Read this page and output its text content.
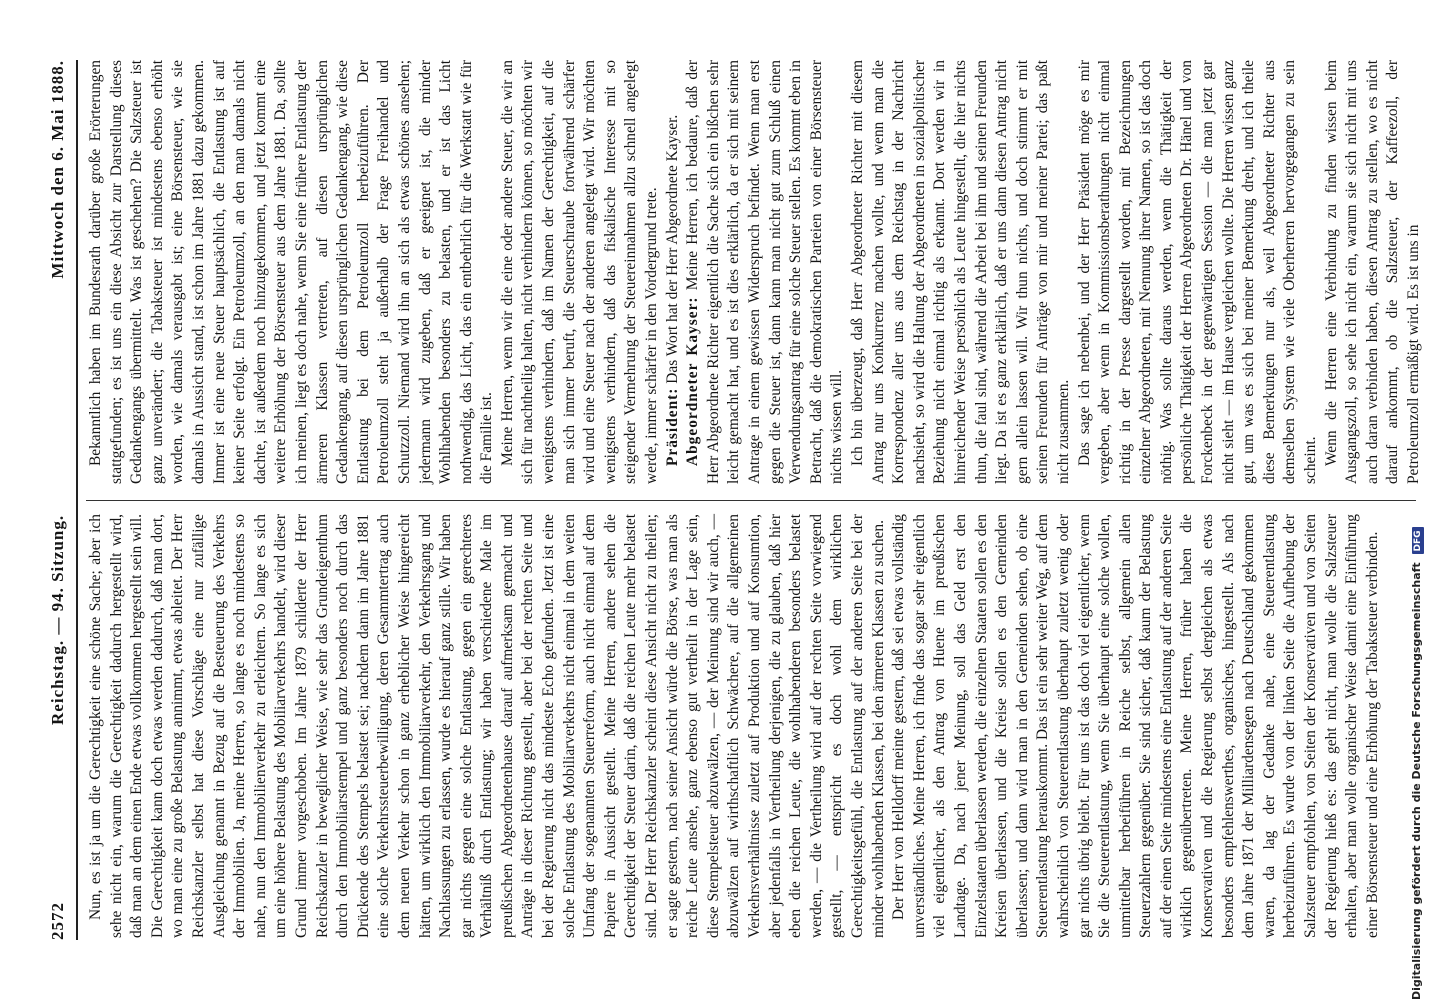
2572
Reichstag. — 94. Sitzung.
Mittwoch den 6. Mai 1888.

Nun, es ist ja um die Gerechtigkeit eine schöne Sache; aber ich sehe nicht ein, warum die Gerechtigkeit dadurch hergestellt wird, daß man an dem einen Ende etwas vollkommen hergestellt sein will. Die Gerechtigkeit kann doch etwas werden dadurch, daß man dort, wo man eine zu große Belastung annimmt, etwas ableitet. Der Herr Reichskanzler selbst hat diese Vorschläge eine nur zufällige Ausgleichung genannt in Bezug auf die Besteuerung des Verkehrs der Immobilien. Ja, meine Herren, so lange es noch mindestens so nahe, nun den Immobilienverkehr zu erleichtern. So lange es sich um eine höhere Belastung des Mobiliarverkehrs handelt, wird dieser Grund immer vorgeschoben. Im Jahre 1879 schilderte der Herr Reichskanzler in beweglicher Weise, wie sehr das Grundeigenthum durch den Immobiliarstempel und ganz besonders noch durch das Drückende des Stempels belastet sei; nachdem dann im Jahre 1881 eine solche Verkehrssteuerbewilligung, deren Gesammtertrag auch dem neuen Verkehr schon in ganz erheblicher Weise hingereicht hätten, um wirklich den Immobiliarverkehr, den Verkehrsgang und Nachlassungen zu erlassen, wurde es hierauf ganz stille. Wir haben gar nichts gegen eine solche Entlastung, gegen ein gerechteres Verhältniß durch Entlastung; wir haben verschiedene Male im preußischen Abgeordnetenhause darauf aufmerksam gemacht und Anträge in dieser Richtung gestellt, aber bei der rechten Seite und bei der Regierung nicht das mindeste Echo gefunden. Jetzt ist eine solche Entlastung des Mobiliarverkehrs nicht einmal in dem weiten Umfang der sogenannten Steuerreform, auch nicht einmal auf dem Papiere in Aussicht gestellt. Meine Herren, andere sehen die Gerechtigkeit der Steuer darin, daß die reichen Leute mehr belastet sind. Der Herr Reichskanzler scheint diese Ansicht nicht zu theilen; er sagte gestern, nach seiner Ansicht würde die Börse, was man als reiche Leute ansehe, ganz ebenso gut vertheilt in der Lage sein, diese Stempelsteuer abzuwälzen, — der Meinung sind wir auch, — abzuwälzen auf wirthschaftlich Schwächere, auf die allgemeinen Verkehrsverhältnisse zuletzt auf Produktion und auf Konsumtion, aber jedenfalls in Vertheilung derjenigen, die zu glauben, daß hier eben die reichen Leute, die wohlhabenderen besonders belastet werden, — die Vertheilung wird auf der rechten Seite vorwiegend gestellt, — entspricht es doch wohl dem wirklichen Gerechtigkeitsgefühl, die Entlastung auf der anderen Seite bei der minder wohlhabenden Klassen, bei den ärmeren Klassen zu suchen. Der Herr von Helldorff meinte gestern, daß sei etwas vollständig unverständliches. Meine Herren, ich finde das sogar sehr eigentlich viel eigentlicher, als den Antrag von Huene im preußischen Landtage. Da, nach jener Meinung, soll das Geld erst den Einzelstaaten überlassen werden, die einzelnen Staaten sollen es den Kreisen überlassen, und die Kreise sollen es den Gemeinden überlassen; und dann wird man in den Gemeinden sehen, ob eine Steuerentlastung herauskommt. Das ist ein sehr weiter Weg, auf dem wahrscheinlich von Steuerentlastung überhaupt zuletzt wenig oder gar nichts übrig bleibt. Für uns ist das doch viel eigentlicher, wenn Sie die Steuerentlastung, wenn Sie überhaupt eine solche wollen, unmittelbar herbeiführen in Reiche selbst, allgemein allen Steuerzahlern gegenüber. Sie sind sicher, daß kaum der Belastung auf der einen Seite mindestens eine Entlastung auf der anderen Seite wirklich gegenübertreten. Meine Herren, früher haben die Konservativen und die Regierung selbst dergleichen als etwas besonders empfehlenswerthes, organisches, hingestellt. Als nach dem Jahre 1871 der Milliardensegen nach Deutschland gekommen waren, da lag der Gedanke nahe, eine Steuerentlastung herbeizuführen. Es wurde von der linken Seite die Aufhebung der Salzsteuer empfohlen, von Seiten der Konservativen und von Seiten der Regierung hieß es: das geht nicht, man wolle die Salzsteuer erhalten, aber man wolle organischer Weise damit eine Einführung einer Börsensteuer und eine Erhöhung der Tabaksteuer verbinden.

Bekanntlich haben im Bundesrath darüber große Erörterungen stattgefunden; es ist uns ein diese Absicht zur Darstellung dieses Gedankengangs übermittelt. Was ist geschehen? Die Salzsteuer ist ganz unverändert; die Tabaksteuer ist mindestens ebenso erhöht worden, wie damals verausgabt ist; eine Börsensteuer, wie sie damals in Aussicht stand, ist schon im Jahre 1881 dazu gekommen. Immer ist eine neue Steuer hauptsächlich, die Entlastung ist auf keiner Seite erfolgt. Ein Petroleumzoll, an den man damals nicht dachte, ist außerdem noch hinzugekommen, und jetzt kommt eine weitere Erhöhung der Börsensteuer aus dem Jahre 1881. Da, sollte ich meinen, liegt es doch nahe, wenn Sie eine frühere Entlastung der ärmeren Klassen vertreten, auf diesen ursprünglichen Gedankengang, auf diesen ursprünglichen Gedankengang, wie diese Entlastung bei dem Petroleumzoll herbeizuführen. Der Petroleumzoll steht ja außerhalb der Frage Freihandel und Schutzzoll. Niemand wird ihn an sich als etwas schönes ansehen; jedermann wird zugeben, daß er geeignet ist, die minder Wohlhabenden besonders zu belasten, und er ist das Licht nothwendig, das Licht, das ein entbehrlich für die Werkstatt wie für die Familie ist. Meine Herren, wenn wir die eine oder andere Steuer, die wir an sich für nachtheilig halten, nicht verhindern können, so möchten wir wenigstens verhindern, daß im Namen der Gerechtigkeit, auf die man sich immer beruft, die Steuerschraube fortwährend schärfer wird und eine Steuer nach der anderen angelegt wird. Wir möchten wenigstens verhindern, daß das fiskalische Interesse mit so steigender Vermehrung der Steuereinnahmen allzu schnell angelegt werde, immer schärfer in den Vordergrund trete. Präsident: Das Wort hat der Herr Abgeordnete Kayser. Abgeordneter Kayser: Meine Herren, ich bedaure, daß der Herr Abgeordnete Richter eigentlich die Sache sich ein bißchen sehr leicht gemacht hat, und es ist dies erklärlich, da er sich mit seinem Antrage in einem gewissen Widerspruch befindet. Wenn man erst gegen die Steuer ist, dann kann man nicht gut zum Schluß einen Verwendungsantrag für eine solche Steuer stellen. Es kommt eben in Betracht, daß die demokratischen Parteien von einer Börsensteuer nichts wissen will. Ich bin überzeugt, daß Herr Abgeordneter Richter mit diesem Antrag nur uns Konkurrenz machen wollte, und wenn man die Korrespondenz aller uns aus dem Reichstag in der Nachricht nachsieht, so wird die Haltung der Abgeordneten in sozialpolitischer Beziehung nicht einmal richtig als erkannt. Dort werden wir in hinreichender Weise persönlich als Leute hingestellt, die hier nichts thun, die faul sind, während die Arbeit bei ihm und seinen Freunden liegt. Da ist es ganz erklärlich, daß er uns dann diesen Antrag nicht gern allein lassen will. Wir thun nichts, und doch stimmt er mit seinen Freunden für Anträge von mir und meiner Partei; das paßt nicht zusammen. Das sage ich nebenbei, und der Herr Präsident möge es mir vergeben, aber wenn in Kommissionsberathungen nicht einmal richtig in der Presse dargestellt worden, mit Bezeichnungen einzelner Abgeordneten, mit Nennung ihrer Namen, so ist das doch nöthig. Was sollte daraus werden, wenn die Thätigkeit der persönliche Thätigkeit der Herren Abgeordneten Dr. Hänel und von Forckenbeck in der gegenwärtigen Session — die man jetzt gar nicht sieht — im Hause vergleichen wollte. Die Herren wissen ganz gut, um was es sich bei meiner Bemerkung dreht, und ich theile diese Bemerkungen nur als, weil Abgeordneter Richter aus demselben System wie viele Oberherren hervorgegangen zu sein scheint. Wenn die Herren eine Verbindung zu finden wissen beim Ausgangszoll, so sehe ich nicht ein, warum sie sich nicht mit uns auch daran verbinden haben, diesen Antrag zu stellen, wo es nicht darauf ankommt, ob die Salzsteuer, der Kaffeezoll, der Petroleumzoll ermäßigt wird. Es ist uns in

Digitalisierung gefördert durch die Deutsche Forschungsgemeinschaft DFG
